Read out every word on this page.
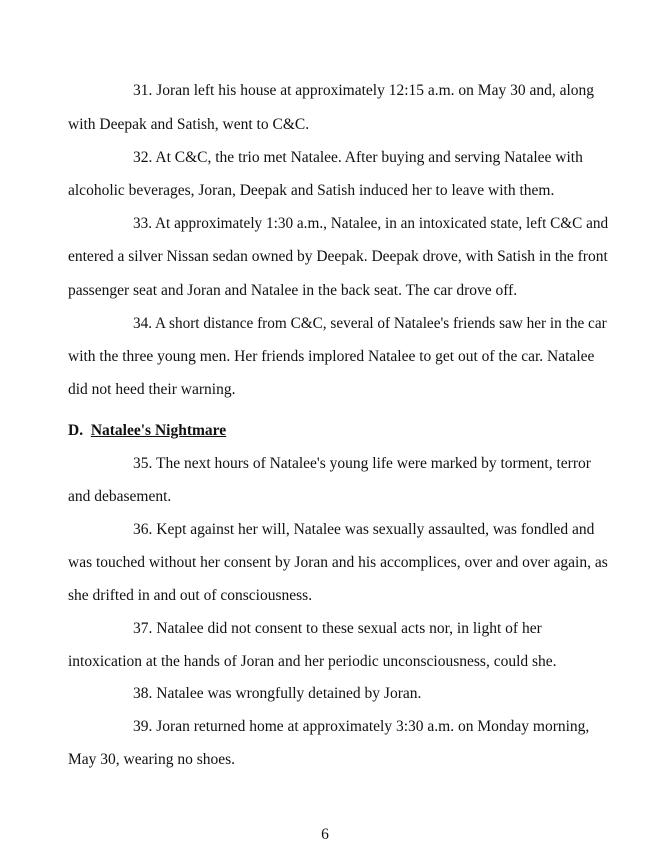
31. Joran left his house at approximately 12:15 a.m. on May 30 and, along
with Deepak and Satish, went to C&C.
32. At C&C, the trio met Natalee. After buying and serving Natalee with
alcoholic beverages, Joran, Deepak and Satish induced her to leave with them.
33. At approximately 1:30 a.m., Natalee, in an intoxicated state, left C&C and
entered a silver Nissan sedan owned by Deepak. Deepak drove, with Satish in the front
passenger seat and Joran and Natalee in the back seat. The car drove off.
34. A short distance from C&C, several of Natalee's friends saw her in the car
with the three young men. Her friends implored Natalee to get out of the car. Natalee
did not heed their warning.
D. Natalee's Nightmare
35. The next hours of Natalee's young life were marked by torment, terror
and debasement.
36. Kept against her will, Natalee was sexually assaulted, was fondled and
was touched without her consent by Joran and his accomplices, over and over again, as
she drifted in and out of consciousness.
37. Natalee did not consent to these sexual acts nor, in light of her
intoxication at the hands of Joran and her periodic unconsciousness, could she.
38. Natalee was wrongfully detained by Joran.
39. Joran returned home at approximately 3:30 a.m. on Monday morning,
May 30, wearing no shoes.
6
